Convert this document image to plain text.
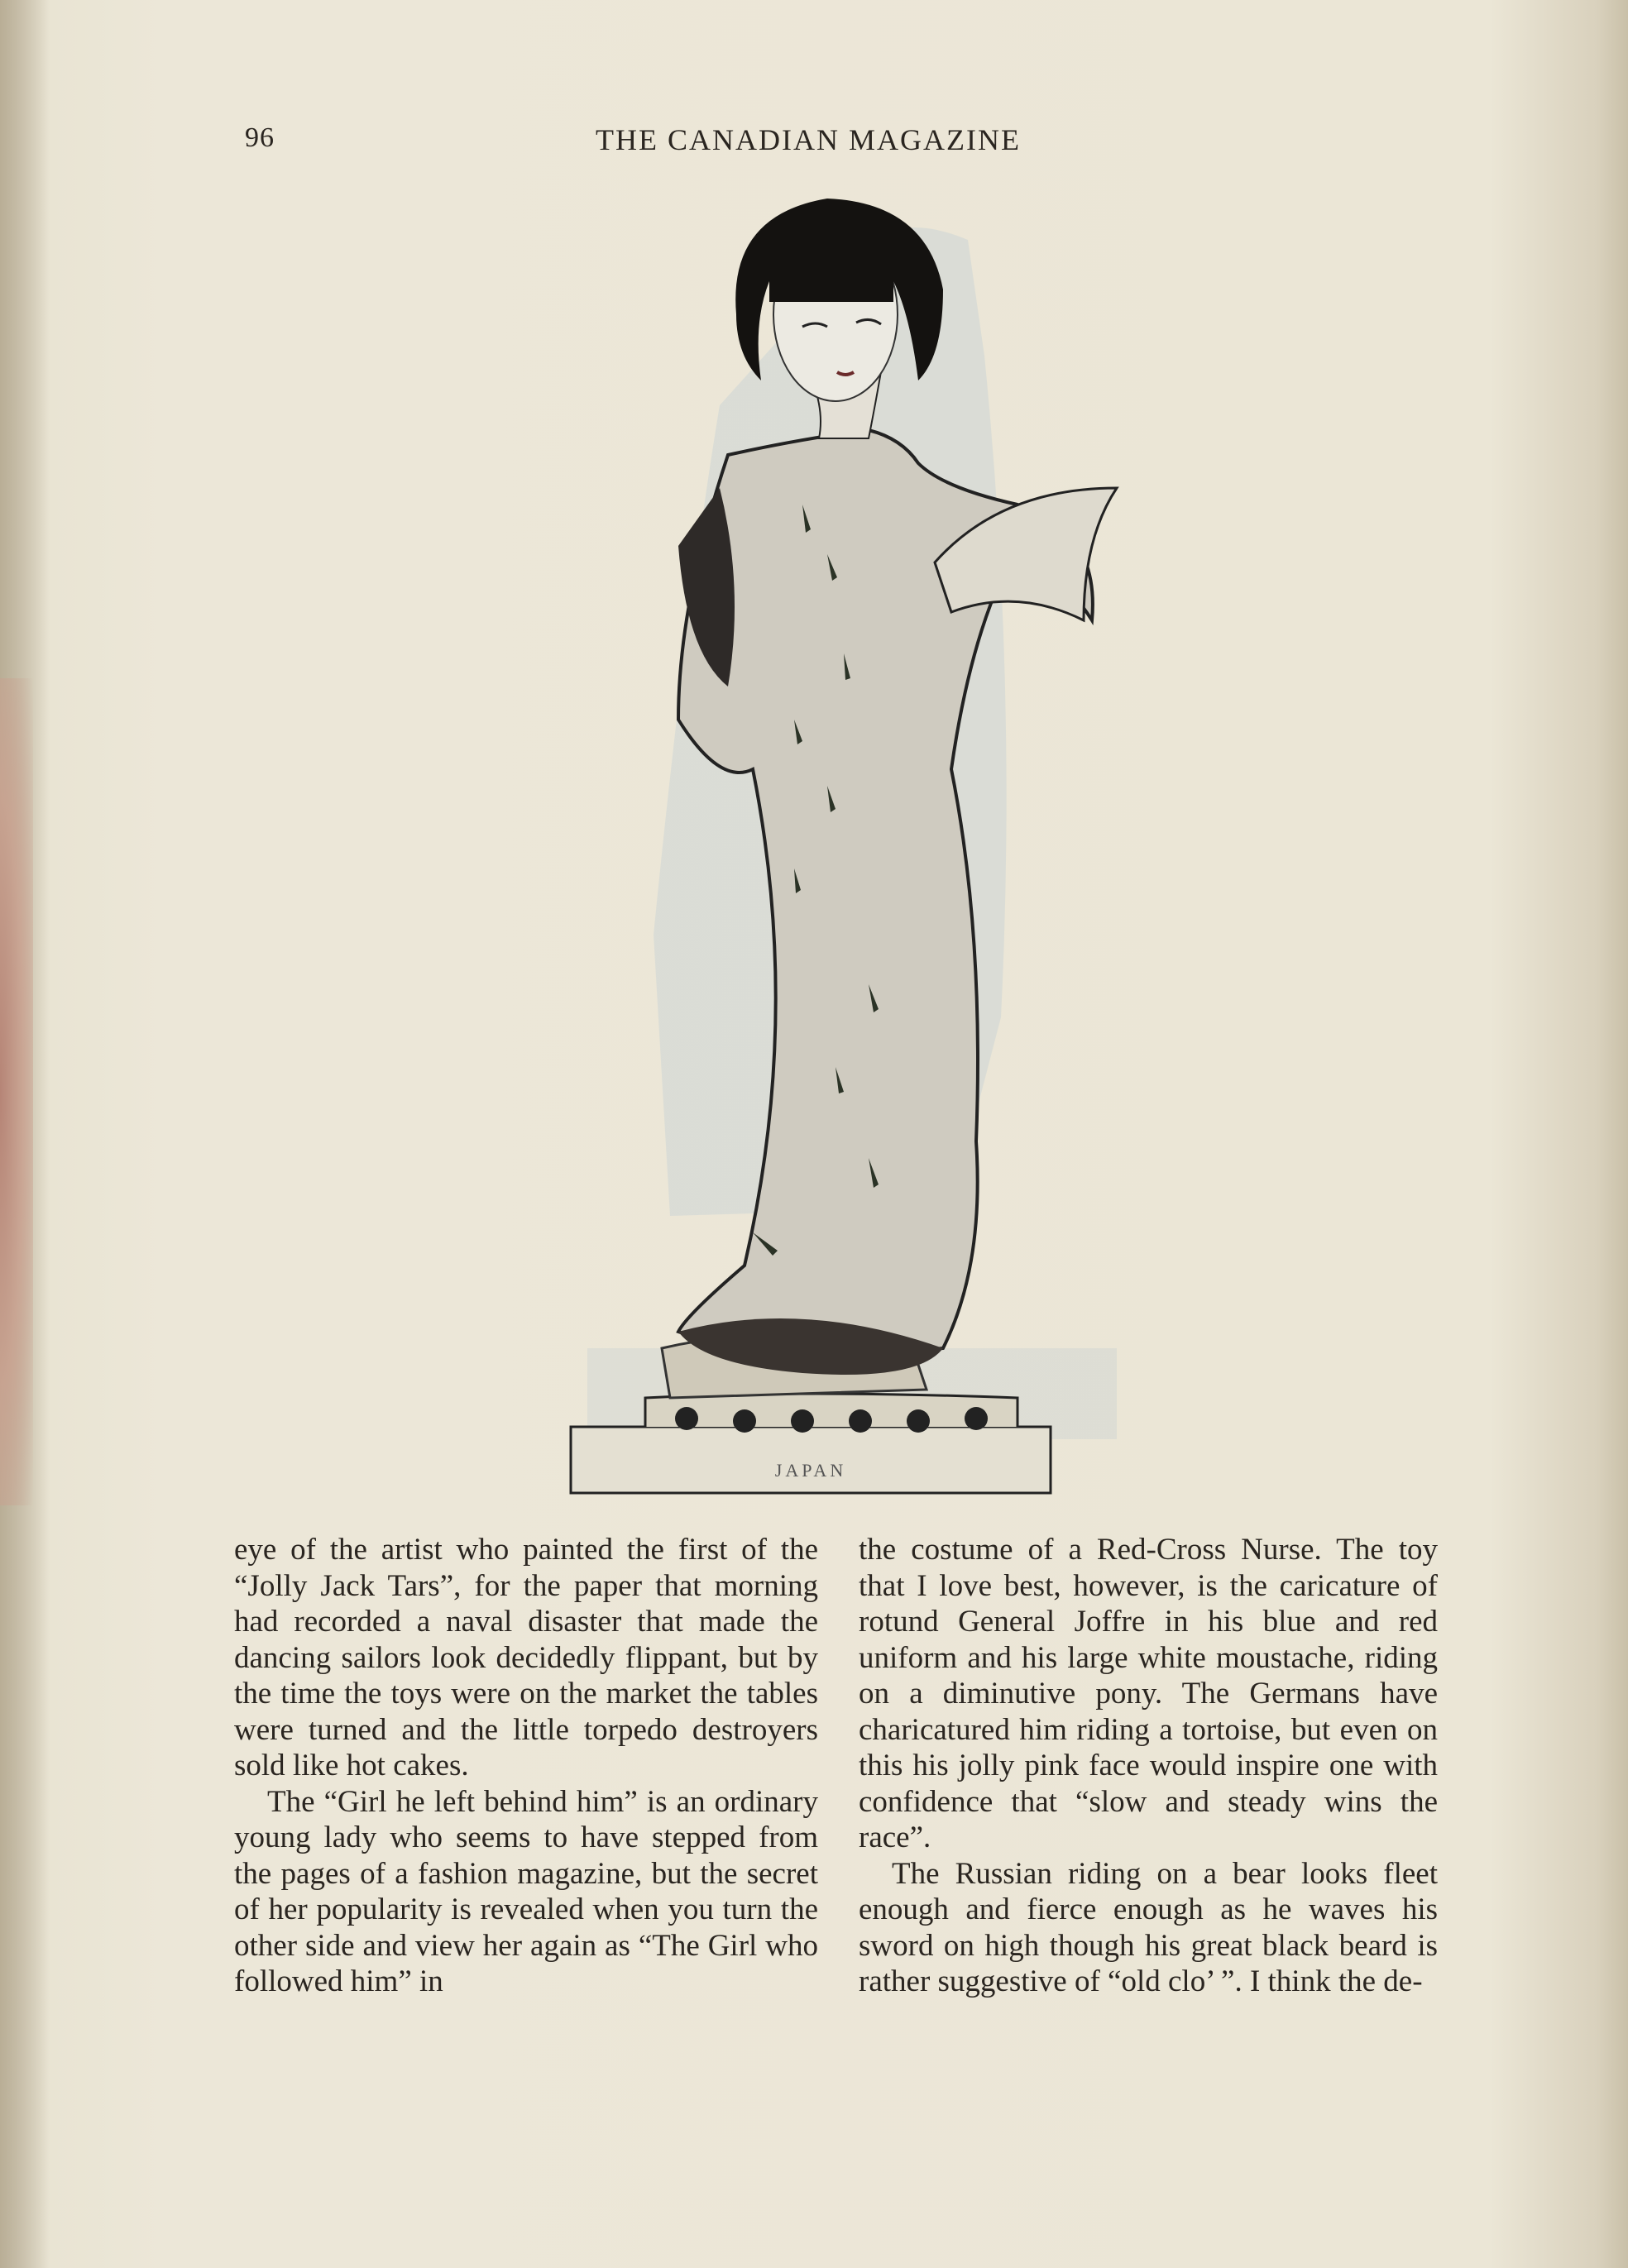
96	THE CANADIAN MAGAZINE
JAPAN

eye of the artist who painted the first of the “Jolly Jack Tars”, for the paper that morning had recorded a naval disaster that made the dancing sailors look decidedly flippant, but by the time the toys were on the market the tables were turned and the little torpedo destroyers sold like hot cakes.

The “Girl he left behind him” is an ordinary young lady who seems to have stepped from the pages of a fashion magazine, but the secret of her popularity is revealed when you turn the other side and view her again as “The Girl who followed him” in

the costume of a Red-Cross Nurse. The toy that I love best, however, is the caricature of rotund General Joffre in his blue and red uniform and his large white moustache, riding on a diminutive pony. The Germans have charicatured him riding a tortoise, but even on this his jolly pink face would inspire one with confidence that “slow and steady wins the race”.

The Russian riding on a bear looks fleet enough and fierce enough as he waves his sword on high though his great black beard is rather suggestive of “old clo’ ”. I think the de-
